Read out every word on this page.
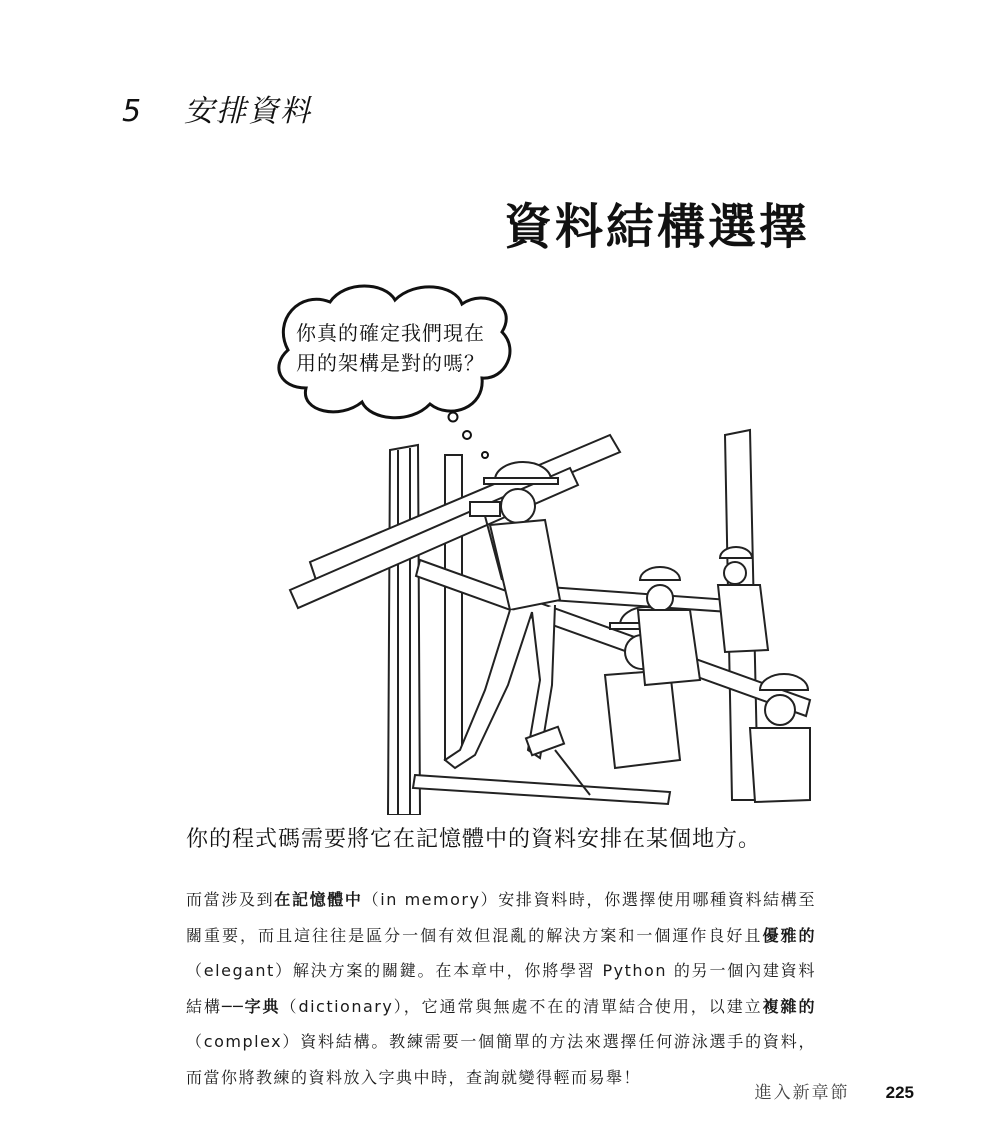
5	安排資料
資料結構選擇
你真的確定我們現在
用的架構是對的嗎？
你的程式碼需要將它在記憶體中的資料安排在某個地方。

而當涉及到在記憶體中（in memory）安排資料時，你選擇使用哪種資料結構至關重要，而且這往往是區分一個有效但混亂的解決方案和一個運作良好且優雅的（elegant）解決方案的關鍵。在本章中，你將學習 Python 的另一個內建資料結構──字典（dictionary），它通常與無處不在的清單結合使用，以建立複雜的（complex）資料結構。教練需要一個簡單的方法來選擇任何游泳選手的資料，而當你將教練的資料放入字典中時，查詢就變得輕而易舉！

進入新章節 225
